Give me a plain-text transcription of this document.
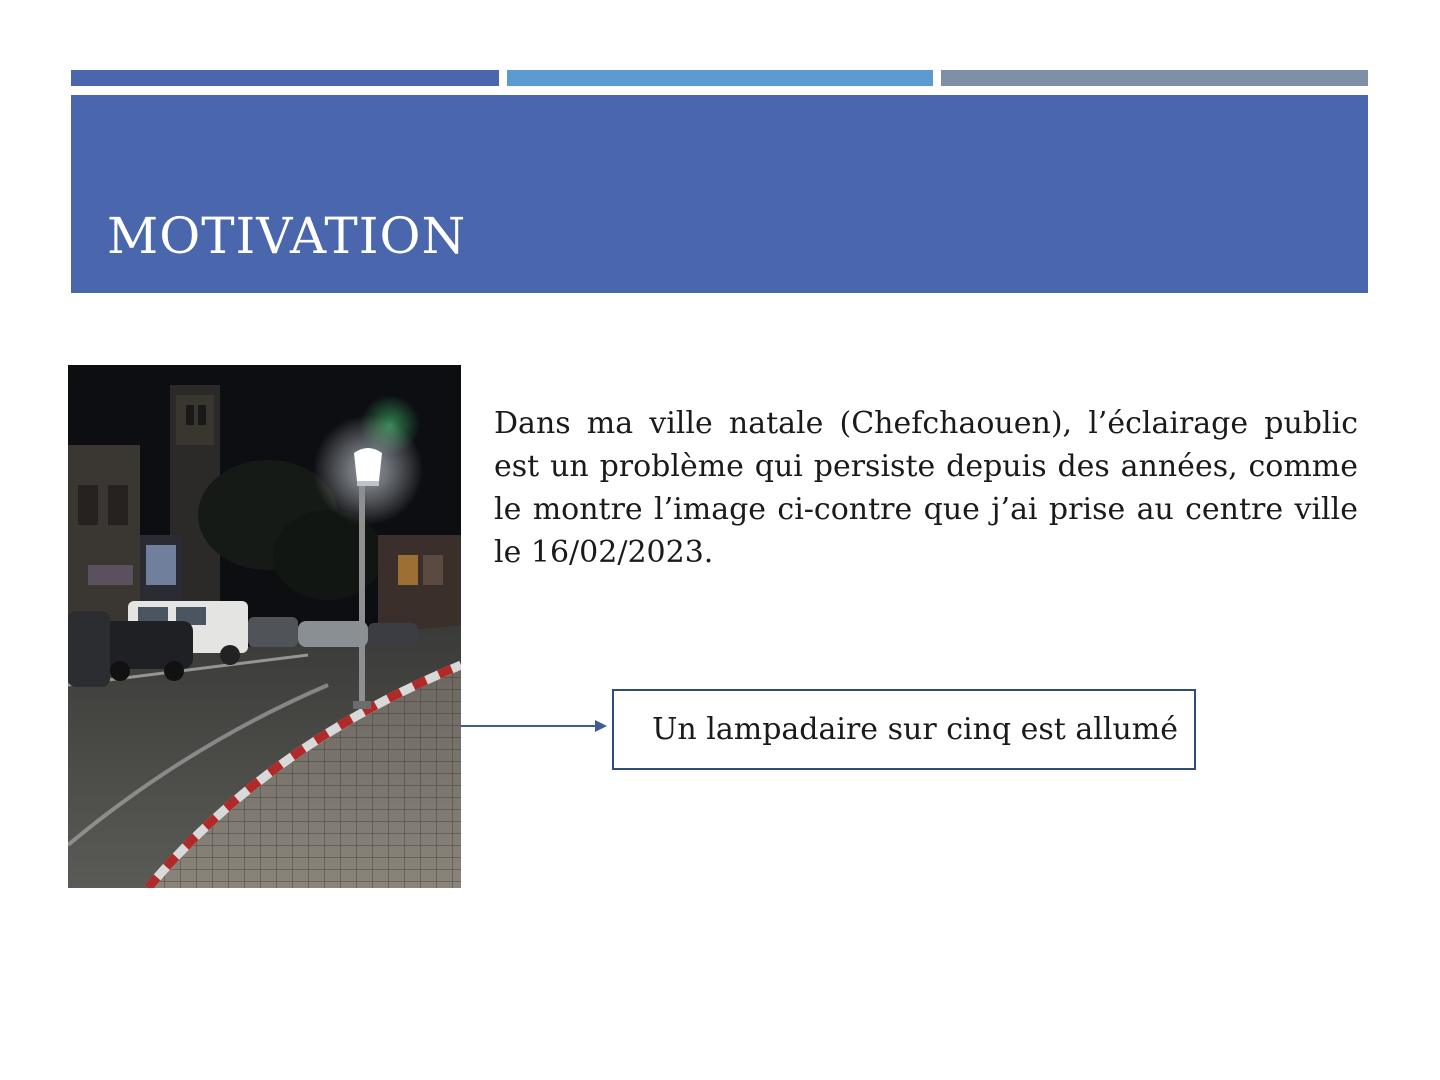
MOTIVATION

Dans ma ville natale (Chefchaouen), l’éclairage public est un problème qui persiste depuis des années, comme le montre l’image ci-contre que j’ai prise au centre ville le 16/02/2023.

Un lampadaire sur cinq est allumé
